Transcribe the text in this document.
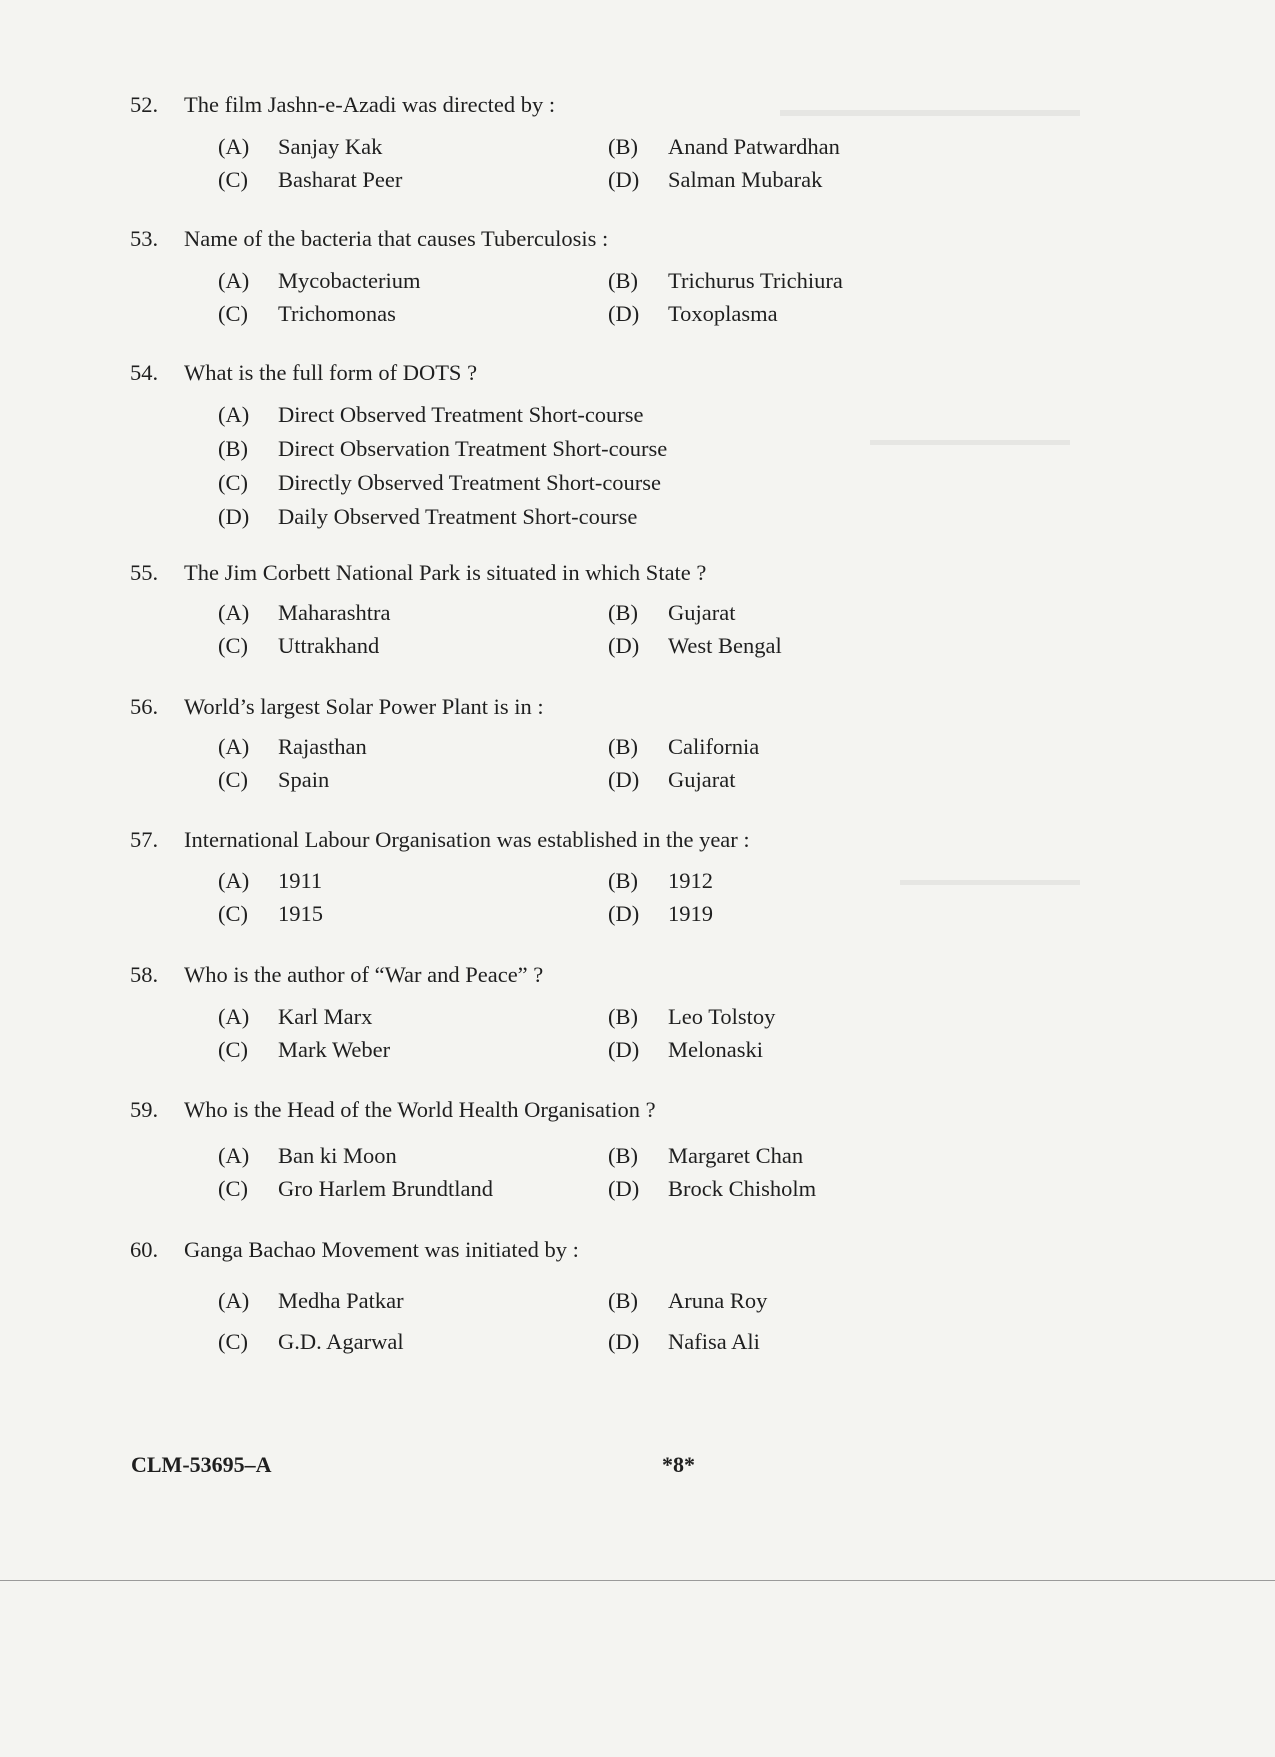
52. The film Jashn-e-Azadi was directed by :
(A) Sanjay Kak	(B) Anand Patwardhan
(C) Basharat Peer	(D) Salman Mubarak
53. Name of the bacteria that causes Tuberculosis :
(A) Mycobacterium	(B) Trichurus Trichiura
(C) Trichomonas	(D) Toxoplasma
54. What is the full form of DOTS ?
(A) Direct Observed Treatment Short-course
(B) Direct Observation Treatment Short-course
(C) Directly Observed Treatment Short-course
(D) Daily Observed Treatment Short-course
55. The Jim Corbett National Park is situated in which State ?
(A) Maharashtra	(B) Gujarat
(C) Uttrakhand	(D) West Bengal
56. World’s largest Solar Power Plant is in :
(A) Rajasthan	(B) California
(C) Spain	(D) Gujarat
57. International Labour Organisation was established in the year :
(A) 1911	(B) 1912
(C) 1915	(D) 1919
58. Who is the author of “War and Peace” ?
(A) Karl Marx	(B) Leo Tolstoy
(C) Mark Weber	(D) Melonaski
59. Who is the Head of the World Health Organisation ?
(A) Ban ki Moon	(B) Margaret Chan
(C) Gro Harlem Brundtland	(D) Brock Chisholm
60. Ganga Bachao Movement was initiated by :
(A) Medha Patkar	(B) Aruna Roy
(C) G.D. Agarwal	(D) Nafisa Ali
CLM-53695–A	*8*
